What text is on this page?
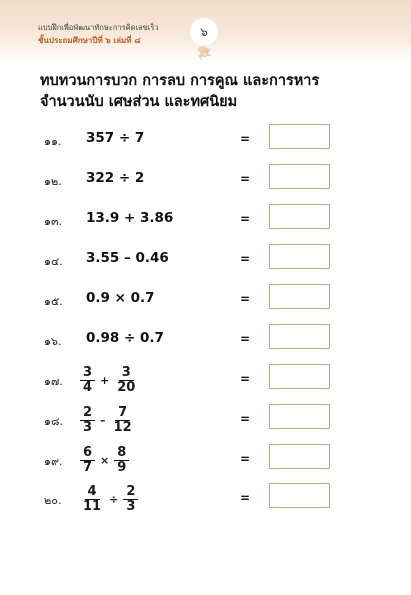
แบบฝึกเพื่อพัฒนาทักษะการคิดเลขเร็ว
ชั้นประถมศึกษาปีที่ ๖ เล่มที่ ๘
๖
ทบทวนการบวก การลบ การคูณ และการหารจำนวนนับ เศษส่วน และทศนิยม
๑๑. 357 ÷ 7	=
๑๒. 322 ÷ 2	=
๑๓. 13.9 + 3.86	=
๑๔. 3.55 – 0.46	=
๑๕. 0.9 × 0.7	=
๑๖. 0.98 ÷ 0.7	=
๑๗. $\frac{3}{4} + \frac{3}{20}$	=
๑๘. $\frac{2}{3} - \frac{7}{12}$	=
๑๙. $\frac{6}{7} \times \frac{8}{9}$	=
๒๐. $\frac{4}{11} \div \frac{2}{3}$	=
